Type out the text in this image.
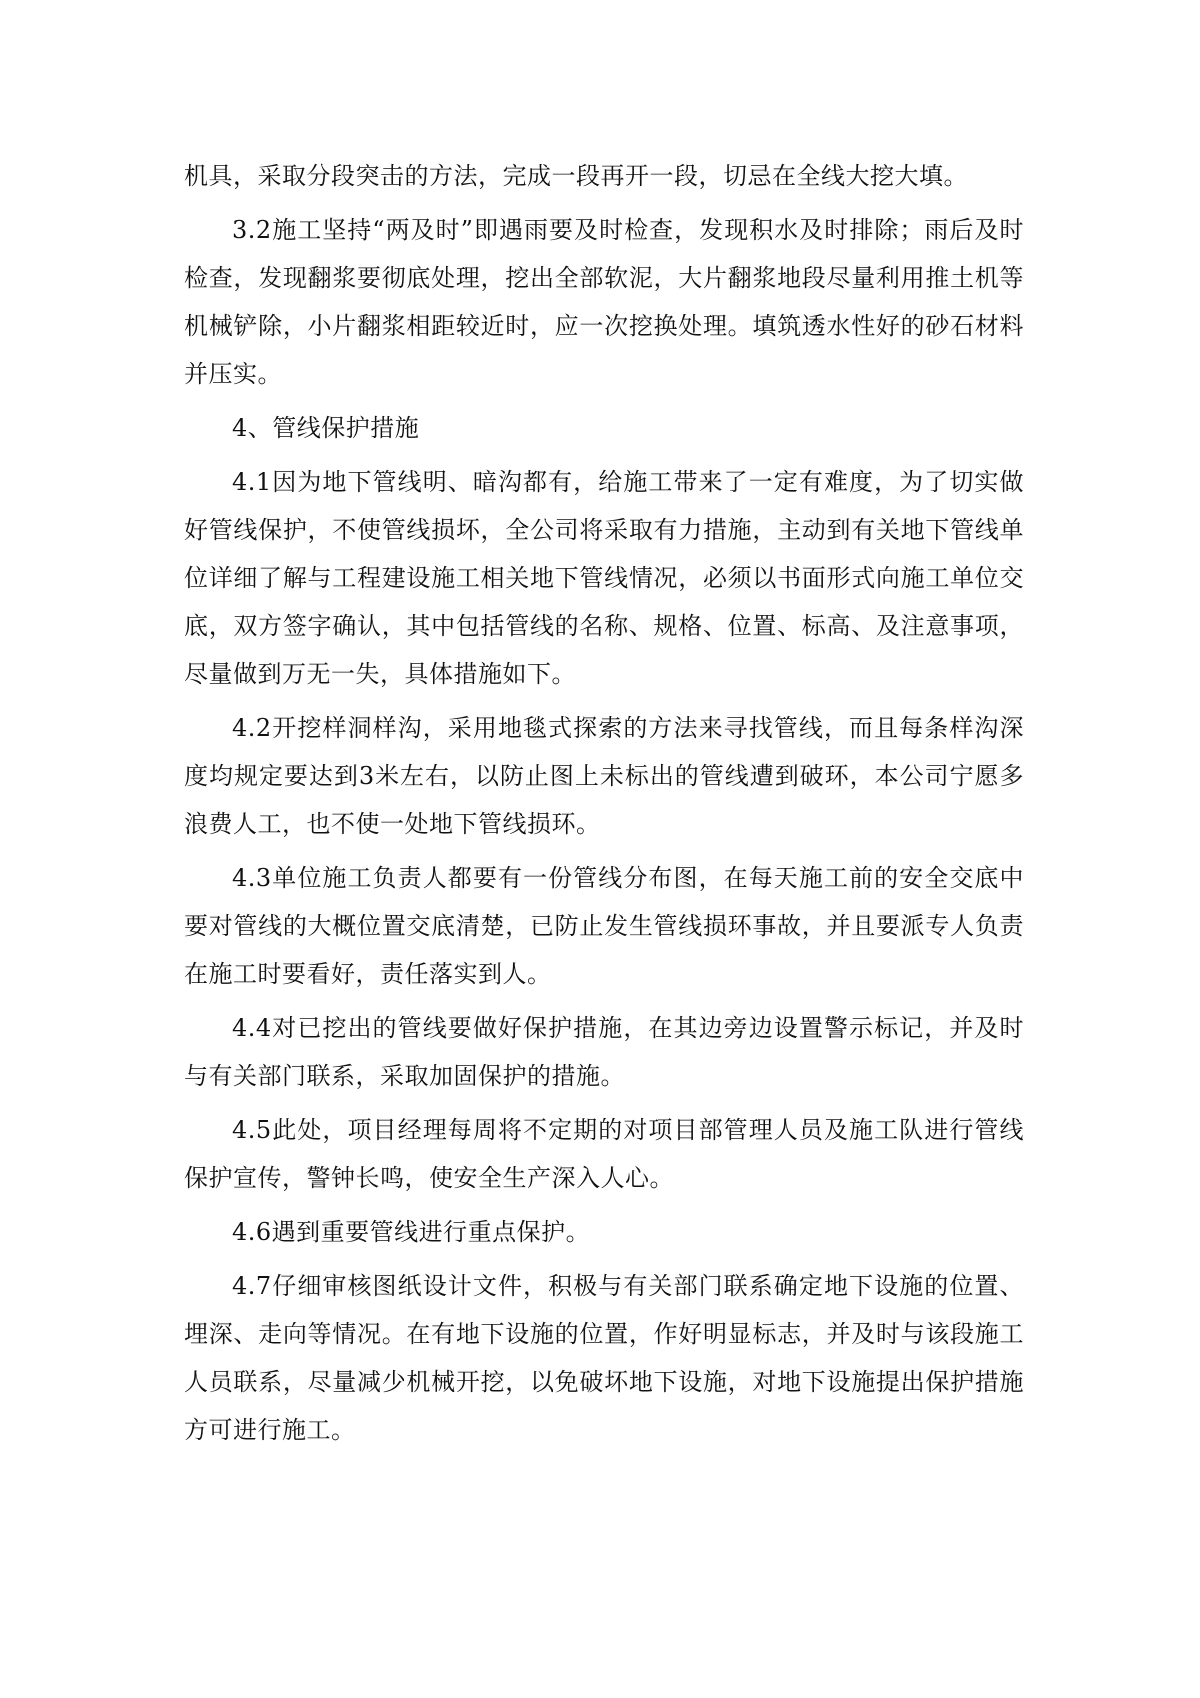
机具，采取分段突击的方法，完成一段再开一段，切忌在全线大挖大填。

3.2施工坚持“两及时”即遇雨要及时检查，发现积水及时排除；雨后及时检查，发现翻浆要彻底处理，挖出全部软泥，大片翻浆地段尽量利用推土机等机械铲除，小片翻浆相距较近时，应一次挖换处理。填筑透水性好的砂石材料并压实。

4、管线保护措施

4.1因为地下管线明、暗沟都有，给施工带来了一定有难度，为了切实做好管线保护，不使管线损坏，全公司将采取有力措施，主动到有关地下管线单位详细了解与工程建设施工相关地下管线情况，必须以书面形式向施工单位交底，双方签字确认，其中包括管线的名称、规格、位置、标高、及注意事项，尽量做到万无一失，具体措施如下。

4.2开挖样洞样沟，采用地毯式探索的方法来寻找管线，而且每条样沟深度均规定要达到3米左右，以防止图上未标出的管线遭到破环，本公司宁愿多浪费人工，也不使一处地下管线损环。

4.3单位施工负责人都要有一份管线分布图，在每天施工前的安全交底中要对管线的大概位置交底清楚，已防止发生管线损环事故，并且要派专人负责在施工时要看好，责任落实到人。

4.4对已挖出的管线要做好保护措施，在其边旁边设置警示标记，并及时与有关部门联系，采取加固保护的措施。

4.5此处，项目经理每周将不定期的对项目部管理人员及施工队进行管线保护宣传，警钟长鸣，使安全生产深入人心。

4.6遇到重要管线进行重点保护。

4.7仔细审核图纸设计文件，积极与有关部门联系确定地下设施的位置、埋深、走向等情况。在有地下设施的位置，作好明显标志，并及时与该段施工人员联系，尽量减少机械开挖，以免破坏地下设施，对地下设施提出保护措施方可进行施工。
